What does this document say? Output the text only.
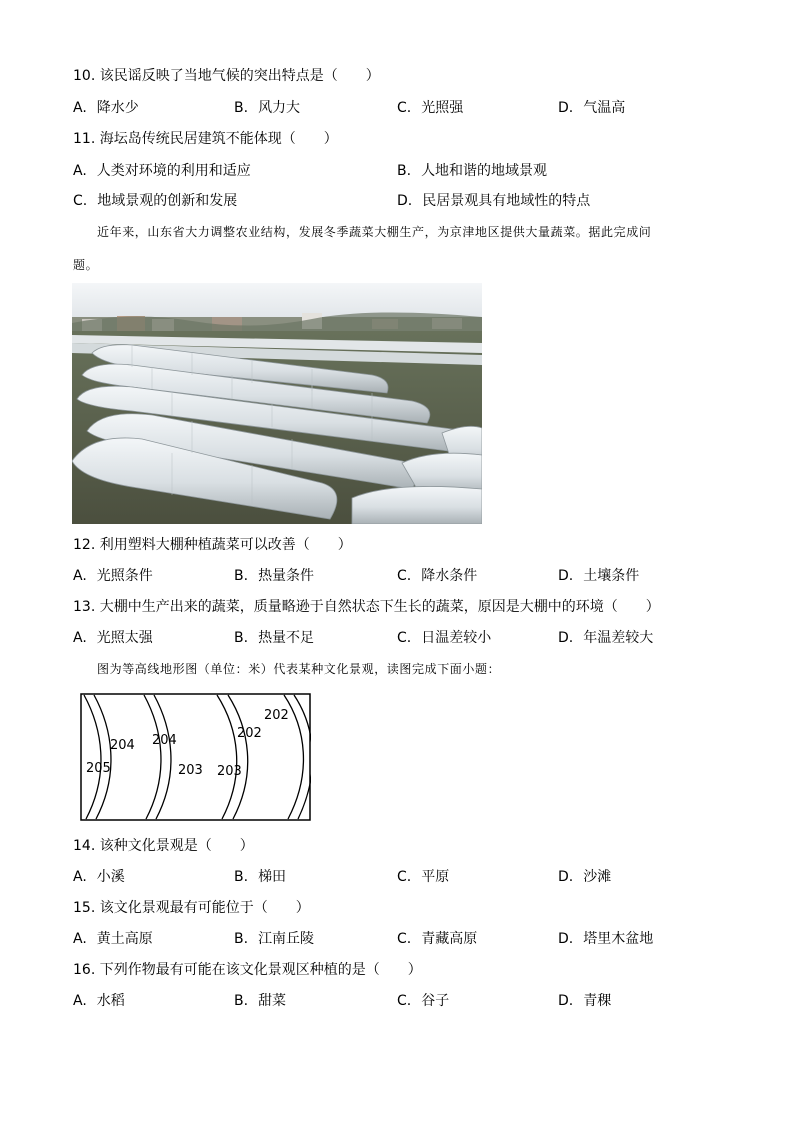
10. 该民谣反映了当地气候的突出特点是（　　）
A. 降水少	B. 风力大	C. 光照强	D. 气温高
11. 海坛岛传统民居建筑不能体现（　　）
A. 人类对环境的利用和适应	B. 人地和谐的地域景观
C. 地域景观的创新和发展	D. 民居景观具有地域性的特点
近年来，山东省大力调整农业结构，发展冬季蔬菜大棚生产，为京津地区提供大量蔬菜。据此完成问
题。
12. 利用塑料大棚种植蔬菜可以改善（　　）
A. 光照条件	B. 热量条件	C. 降水条件	D. 土壤条件
13. 大棚中生产出来的蔬菜，质量略逊于自然状态下生长的蔬菜，原因是大棚中的环境（　　）
A. 光照太强	B. 热量不足	C. 日温差较小	D. 年温差较大
图为等高线地形图（单位：米）代表某种文化景观，读图完成下面小题：
205
204 204
203 203
202
202
14. 该种文化景观是（　　）
A. 小溪	B. 梯田	C. 平原	D. 沙滩
15. 该文化景观最有可能位于（　　）
A. 黄土高原	B. 江南丘陵	C. 青藏高原	D. 塔里木盆地
16. 下列作物最有可能在该文化景观区种植的是（　　）
A. 水稻	B. 甜菜	C. 谷子	D. 青稞
